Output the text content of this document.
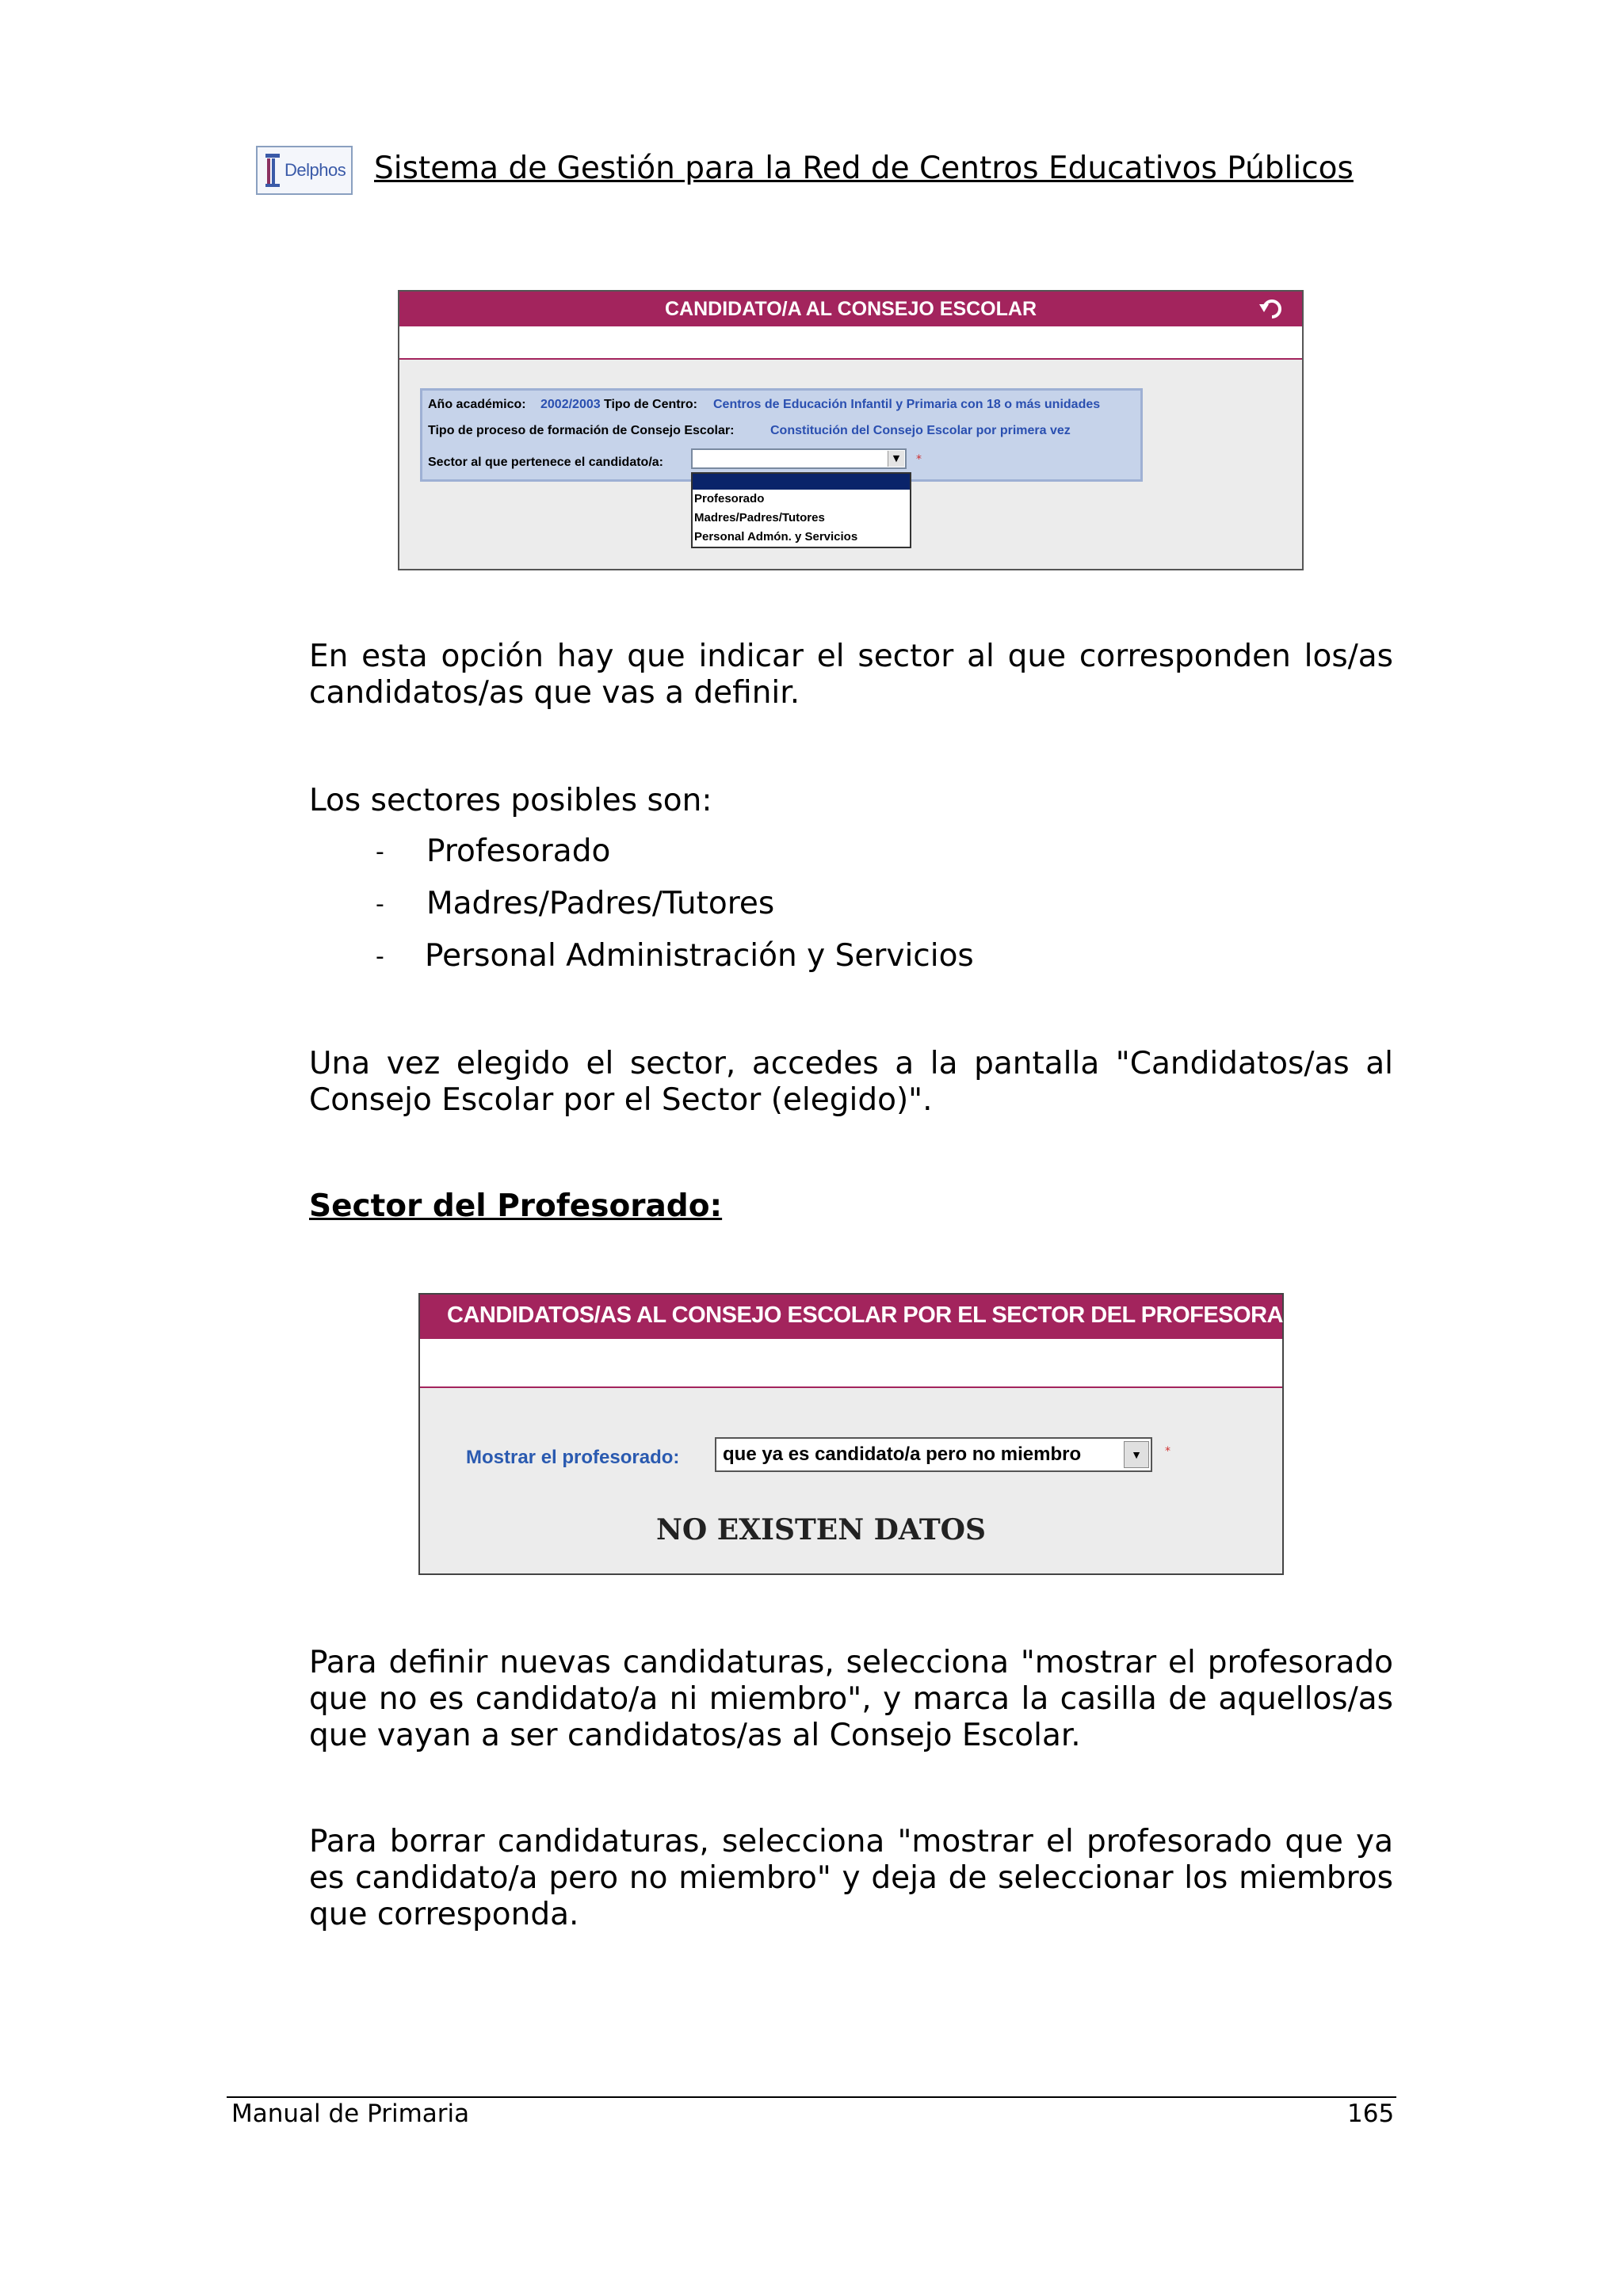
Delphos Sistema de Gestión para la Red de Centros Educativos Públicos
CANDIDATO/A AL CONSEJO ESCOLAR
Año académico: 2002/2003 Tipo de Centro: Centros de Educación Infantil y Primaria con 18 o más unidades
Tipo de proceso de formación de Consejo Escolar:	Constitución del Consejo Escolar por primera vez
Sector al que pertenece el candidato/a:	▼	*
Profesorado
Madres/Padres/Tutores
Personal Admón. y Servicios
En esta opción hay que indicar el sector al que corresponden los/as candidatos/as que vas a definir.
Los sectores posibles son:
- Profesorado
- Madres/Padres/Tutores
- Personal Administración y Servicios
Una vez elegido el sector, accedes a la pantalla "Candidatos/as al Consejo Escolar por el Sector (elegido)".
Sector del Profesorado:
CANDIDATOS/AS AL CONSEJO ESCOLAR POR EL SECTOR DEL PROFESORADO
Mostrar el profesorado:	que ya es candidato/a pero no miembro	▼	*
NO EXISTEN DATOS
Para definir nuevas candidaturas, selecciona "mostrar el profesorado que no es candidato/a ni miembro", y marca la casilla de aquellos/as que vayan a ser candidatos/as al Consejo Escolar.
Para borrar candidaturas, selecciona "mostrar el profesorado que ya es candidato/a pero no miembro" y deja de seleccionar los miembros que corresponda.
Manual de Primaria	165
